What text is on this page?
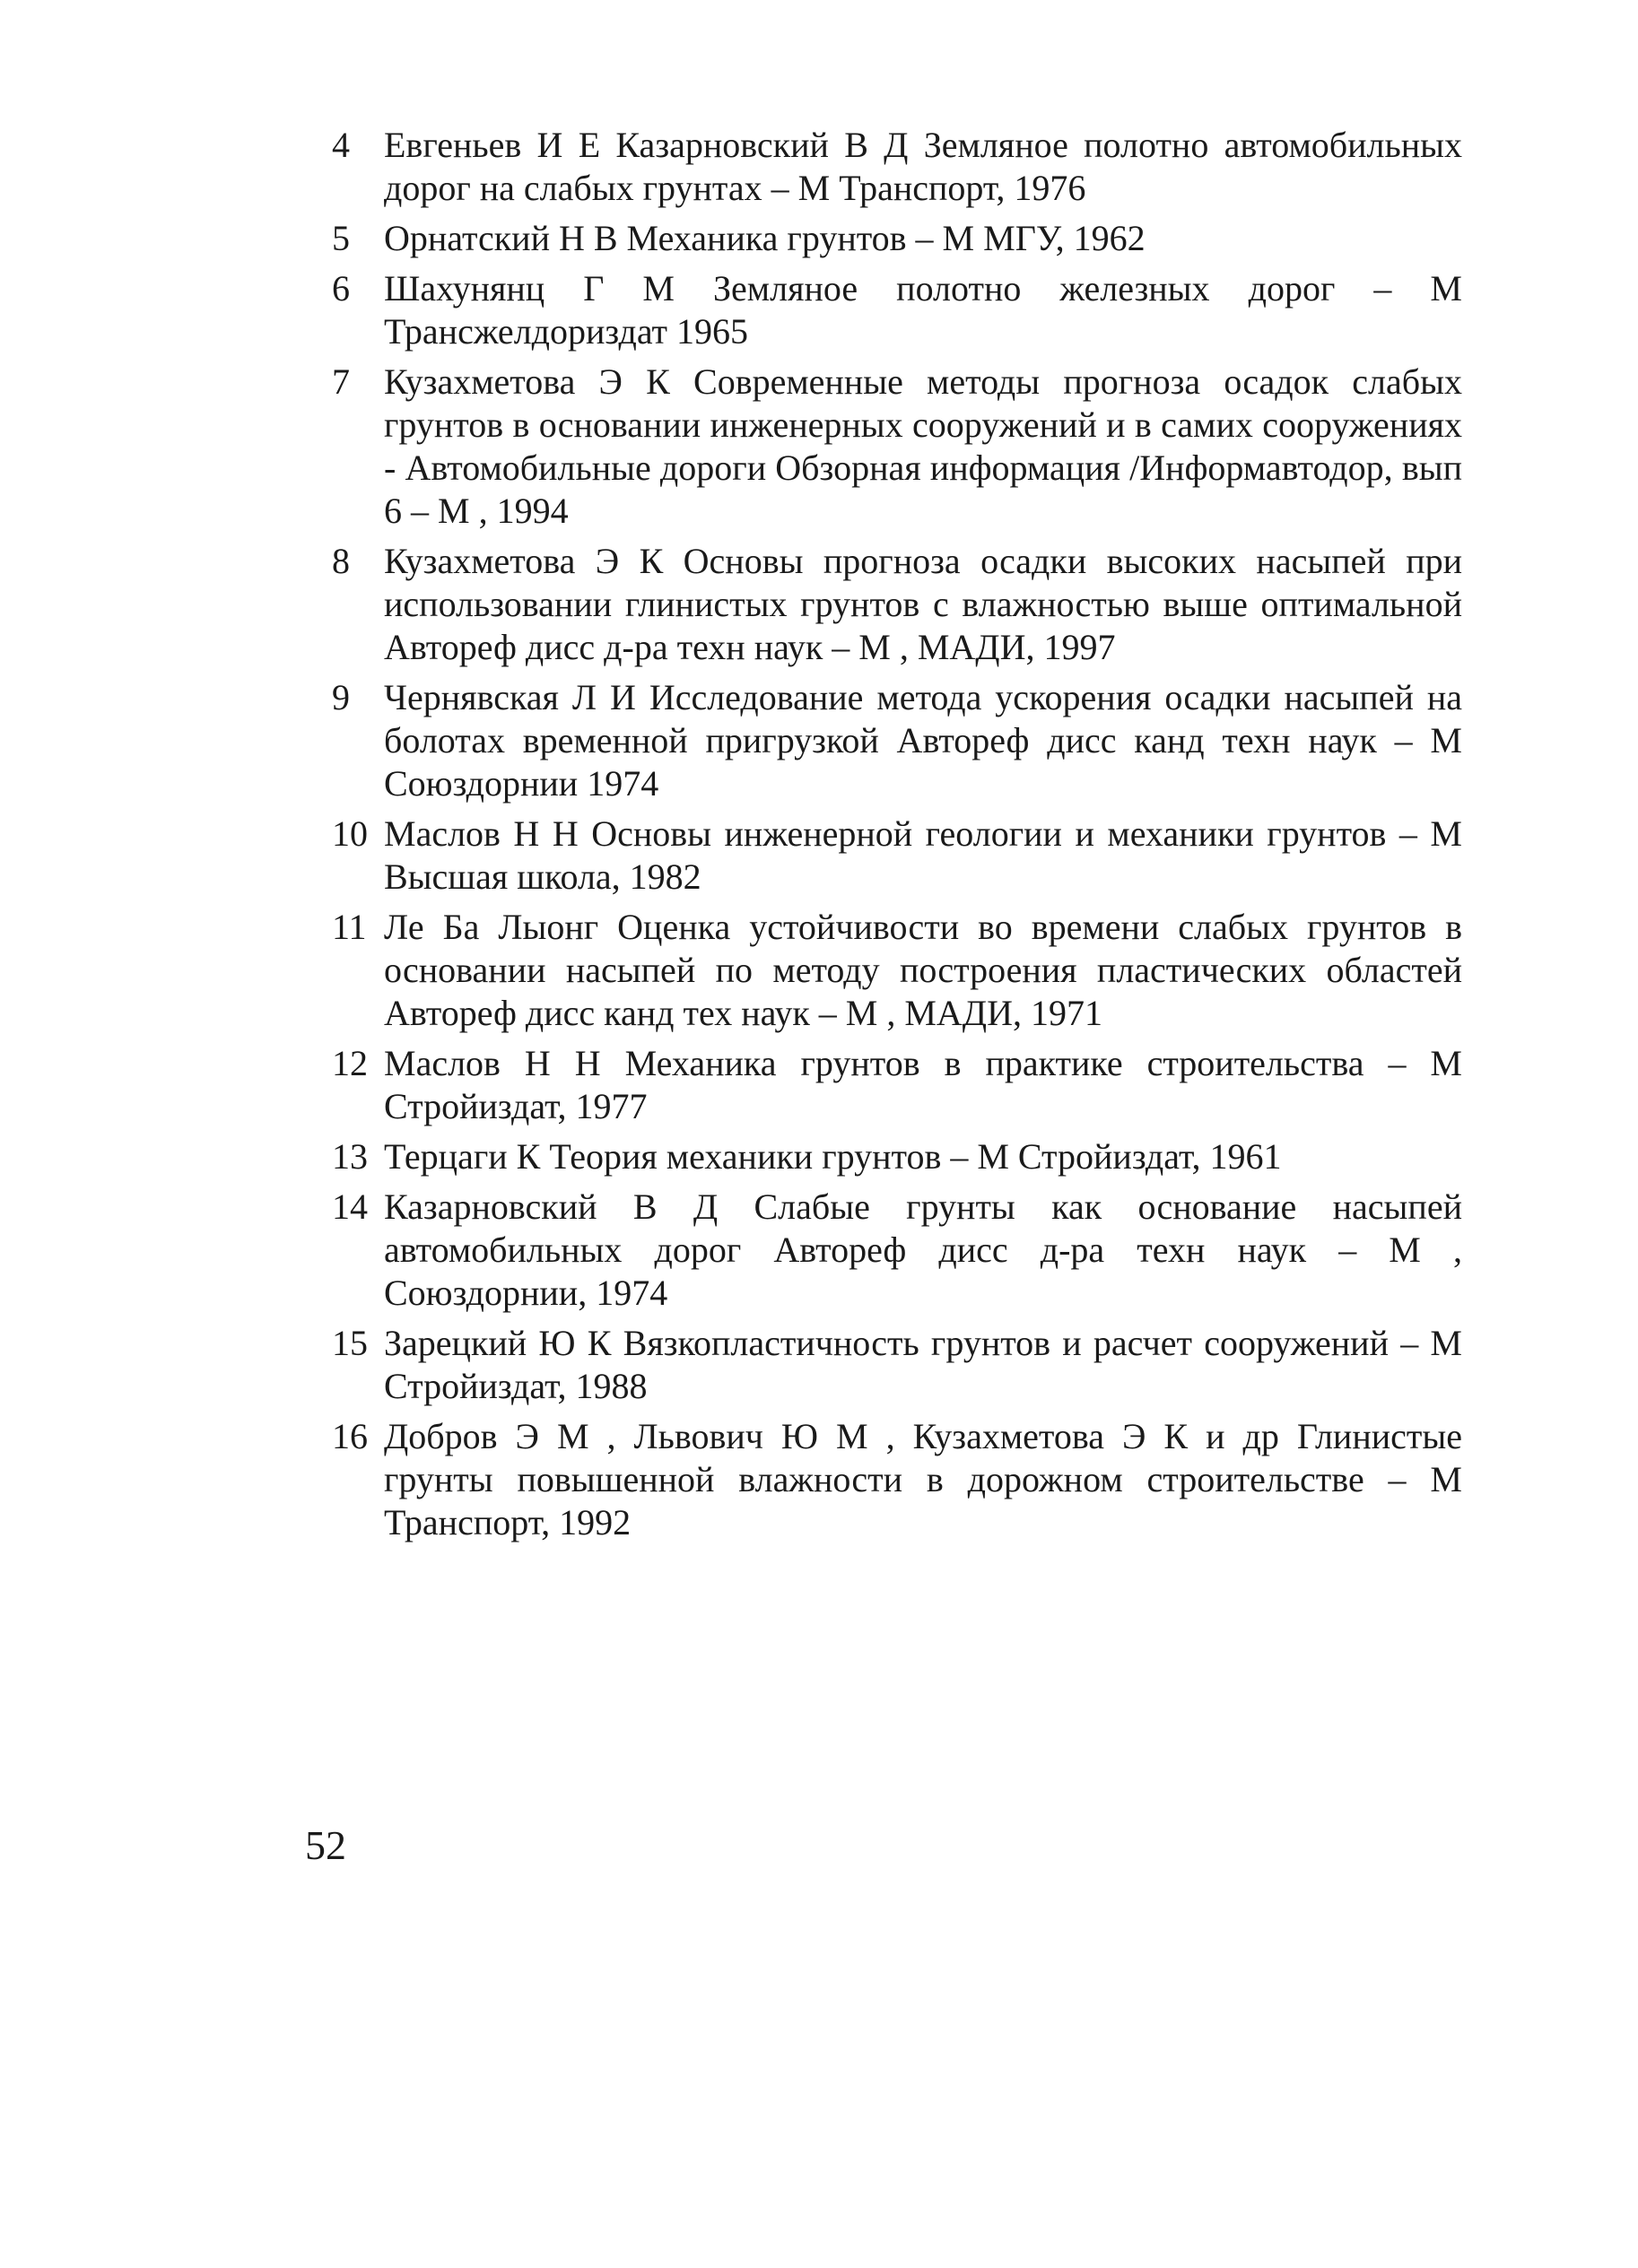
4 Евгеньев И Е Казарновский В Д Земляное полотно автомобильных дорог на слабых грунтах – М Транспорт, 1976
5 Орнатский Н В Механика грунтов – М МГУ, 1962
6 Шахунянц Г М Земляное полотно железных дорог – М Трансжелдориздат 1965
7 Кузахметова Э К Современные методы прогноза осадок слабых грунтов в основании инженерных сооружений и в самих сооружениях - Автомобильные дороги Обзорная информация /Информавтодор, вып 6 – М , 1994
8 Кузахметова Э К Основы прогноза осадки высоких насыпей при использовании глинистых грунтов с влажностью выше оптимальной Автореф дисс д-ра техн наук – М , МАДИ, 1997
9 Чернявская Л И Исследование метода ускорения осадки насыпей на болотах временной пригрузкой Автореф дисс канд техн наук – М Союздорнии 1974
10 Маслов Н Н Основы инженерной геологии и механики грунтов – М Высшая школа, 1982
11 Ле Ба Лыонг Оценка устойчивости во времени слабых грунтов в основании насыпей по методу построения пластических областей Автореф дисс канд тех наук – М , МАДИ, 1971
12 Маслов Н Н Механика грунтов в практике строительства – М Стройиздат, 1977
13 Терцаги К Теория механики грунтов – М Стройиздат, 1961
14 Казарновский В Д Слабые грунты как основание насыпей автомобильных дорог Автореф дисс д-ра техн наук – М , Союздорнии, 1974
15 Зарецкий Ю К Вязкопластичность грунтов и расчет сооружений – М Стройиздат, 1988
16 Добров Э М , Львович Ю М , Кузахметова Э К и др Глинистые грунты повышенной влажности в дорожном строительстве – М Транспорт, 1992
52
